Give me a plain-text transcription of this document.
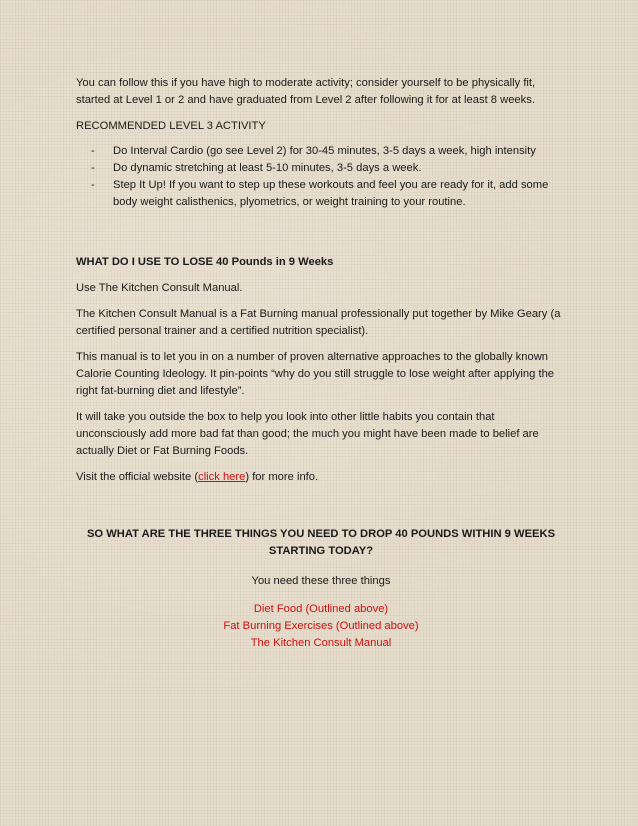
You can follow this if you have high to moderate activity; consider yourself to be physically fit, started at Level 1 or 2 and have graduated from Level 2 after following it for at least 8 weeks.

RECOMMENDED LEVEL 3 ACTIVITY

- Do Interval Cardio (go see Level 2) for 30-45 minutes, 3-5 days a week, high intensity
- Do dynamic stretching at least 5-10 minutes, 3-5 days a week.
- Step It Up! If you want to step up these workouts and feel you are ready for it, add some body weight calisthenics, plyometrics, or weight training to your routine.

WHAT DO I USE TO LOSE 40 Pounds in 9 Weeks

Use The Kitchen Consult Manual.

The Kitchen Consult Manual is a Fat Burning manual professionally put together by Mike Geary (a certified personal trainer and a certified nutrition specialist).

This manual is to let you in on a number of proven alternative approaches to the globally known Calorie Counting Ideology. It pin-points “why do you still struggle to lose weight after applying the right fat-burning diet and lifestyle”.

It will take you outside the box to help you look into other little habits you contain that unconsciously add more bad fat than good; the much you might have been made to belief are actually Diet or Fat Burning Foods.

Visit the official website (click here) for more info.

SO WHAT ARE THE THREE THINGS YOU NEED TO DROP 40 POUNDS WITHIN 9 WEEKS STARTING TODAY?

You need these three things

Diet Food (Outlined above)
Fat Burning Exercises (Outlined above)
The Kitchen Consult Manual
